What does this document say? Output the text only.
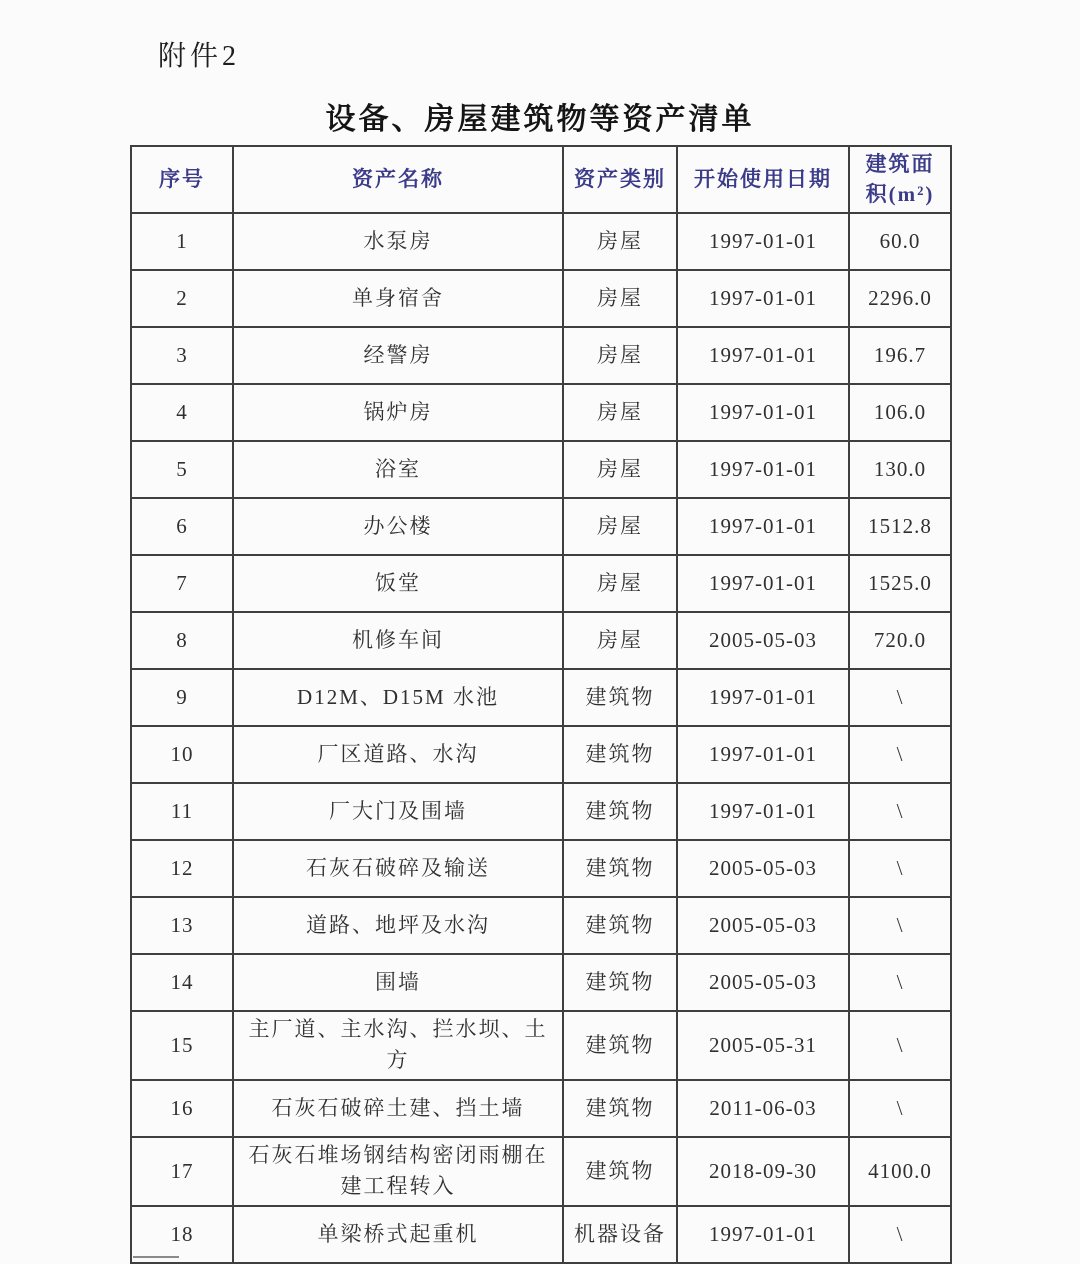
附件2
设备、房屋建筑物等资产清单
序号	资产名称	资产类别	开始使用日期	建筑面积(m²)
1	水泵房	房屋	1997-01-01	60.0
2	单身宿舍	房屋	1997-01-01	2296.0
3	经警房	房屋	1997-01-01	196.7
4	锅炉房	房屋	1997-01-01	106.0
5	浴室	房屋	1997-01-01	130.0
6	办公楼	房屋	1997-01-01	1512.8
7	饭堂	房屋	1997-01-01	1525.0
8	机修车间	房屋	2005-05-03	720.0
9	D12M、D15M 水池	建筑物	1997-01-01	\
10	厂区道路、水沟	建筑物	1997-01-01	\
11	厂大门及围墙	建筑物	1997-01-01	\
12	石灰石破碎及输送	建筑物	2005-05-03	\
13	道路、地坪及水沟	建筑物	2005-05-03	\
14	围墙	建筑物	2005-05-03	\
15	主厂道、主水沟、拦水坝、土方	建筑物	2005-05-31	\
16	石灰石破碎土建、挡土墙	建筑物	2011-06-03	\
17	石灰石堆场钢结构密闭雨棚在建工程转入	建筑物	2018-09-30	4100.0
18	单梁桥式起重机	机器设备	1997-01-01	\
